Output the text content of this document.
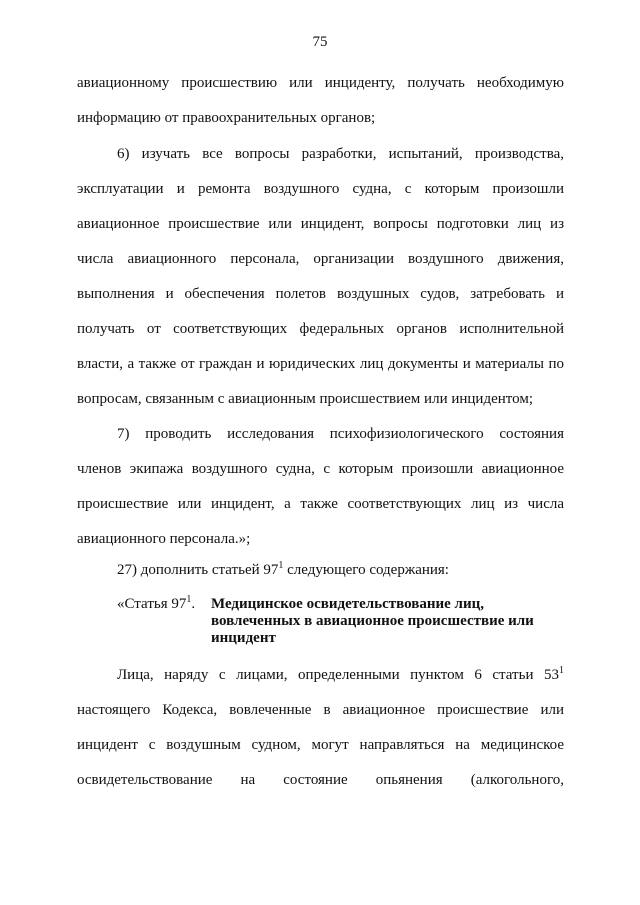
75
авиационному происшествию или инциденту, получать необходимую
информацию от правоохранительных органов;
6) изучать все вопросы разработки, испытаний, производства,
эксплуатации и ремонта воздушного судна, с которым произошли
авиационное происшествие или инцидент, вопросы подготовки лиц из
числа авиационного персонала, организации воздушного движения,
выполнения и обеспечения полетов воздушных судов, затребовать и
получать от соответствующих федеральных органов исполнительной
власти, а также от граждан и юридических лиц документы и материалы по
вопросам, связанным с авиационным происшествием или инцидентом;
7) проводить исследования психофизиологического состояния
членов экипажа воздушного судна, с которым произошли авиационное
происшествие или инцидент, а также соответствующих лиц из числа
авиационного персонала.»;
27) дополнить статьей $97^1$ следующего содержания:
«Статья $97^1$. Медицинское освидетельствование лиц,
вовлеченных в авиационное происшествие или
инцидент
Лица, наряду с лицами, определенными пунктом 6 статьи $53^1$
настоящего Кодекса, вовлеченные в авиационное происшествие или
инцидент с воздушным судном, могут направляться на медицинское
освидетельствование на состояние опьянения (алкогольного,
